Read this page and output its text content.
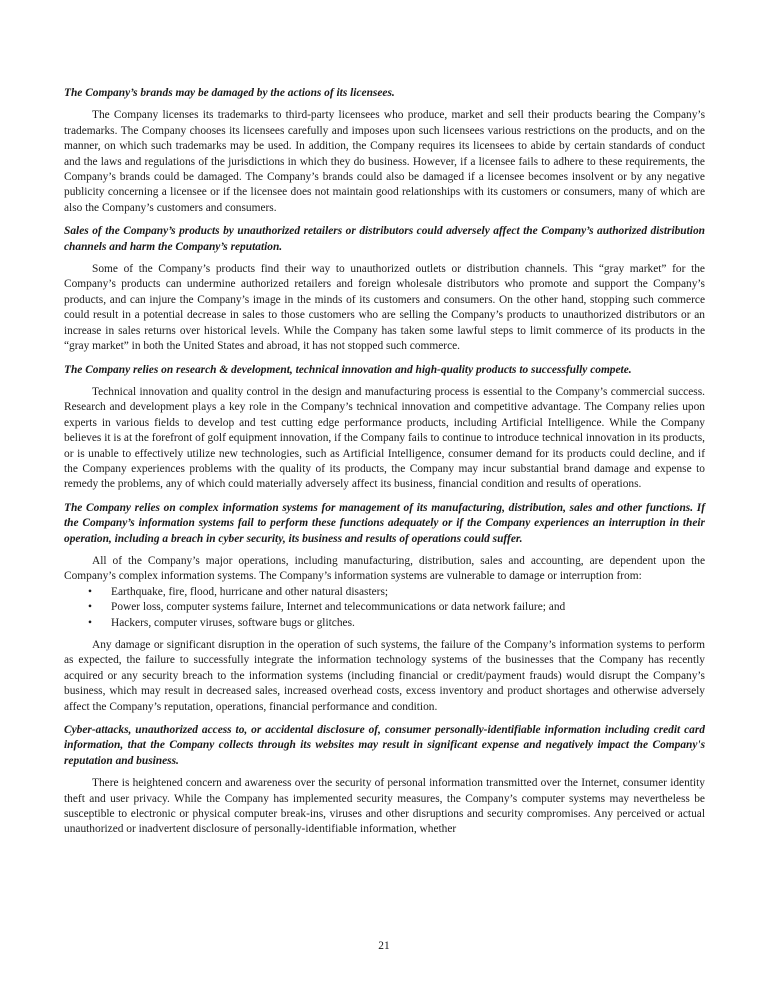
The Company’s brands may be damaged by the actions of its licensees.

The Company licenses its trademarks to third-party licensees who produce, market and sell their products bearing the Company’s trademarks. The Company chooses its licensees carefully and imposes upon such licensees various restrictions on the products, and on the manner, on which such trademarks may be used. In addition, the Company requires its licensees to abide by certain standards of conduct and the laws and regulations of the jurisdictions in which they do business. However, if a licensee fails to adhere to these requirements, the Company’s brands could be damaged. The Company’s brands could also be damaged if a licensee becomes insolvent or by any negative publicity concerning a licensee or if the licensee does not maintain good relationships with its customers or consumers, many of which are also the Company’s customers and consumers.

Sales of the Company’s products by unauthorized retailers or distributors could adversely affect the Company’s authorized distribution channels and harm the Company’s reputation.

Some of the Company’s products find their way to unauthorized outlets or distribution channels. This “gray market” for the Company’s products can undermine authorized retailers and foreign wholesale distributors who promote and support the Company’s products, and can injure the Company’s image in the minds of its customers and consumers. On the other hand, stopping such commerce could result in a potential decrease in sales to those customers who are selling the Company’s products to unauthorized distributors or an increase in sales returns over historical levels. While the Company has taken some lawful steps to limit commerce of its products in the “gray market” in both the United States and abroad, it has not stopped such commerce.

The Company relies on research & development, technical innovation and high-quality products to successfully compete.

Technical innovation and quality control in the design and manufacturing process is essential to the Company’s commercial success. Research and development plays a key role in the Company’s technical innovation and competitive advantage. The Company relies upon experts in various fields to develop and test cutting edge performance products, including Artificial Intelligence. While the Company believes it is at the forefront of golf equipment innovation, if the Company fails to continue to introduce technical innovation in its products, or is unable to effectively utilize new technologies, such as Artificial Intelligence, consumer demand for its products could decline, and if the Company experiences problems with the quality of its products, the Company may incur substantial brand damage and expense to remedy the problems, any of which could materially adversely affect its business, financial condition and results of operations.

The Company relies on complex information systems for management of its manufacturing, distribution, sales and other functions. If the Company’s information systems fail to perform these functions adequately or if the Company experiences an interruption in their operation, including a breach in cyber security, its business and results of operations could suffer.

All of the Company’s major operations, including manufacturing, distribution, sales and accounting, are dependent upon the Company’s complex information systems. The Company’s information systems are vulnerable to damage or interruption from:

• Earthquake, fire, flood, hurricane and other natural disasters;
• Power loss, computer systems failure, Internet and telecommunications or data network failure; and
• Hackers, computer viruses, software bugs or glitches.

Any damage or significant disruption in the operation of such systems, the failure of the Company’s information systems to perform as expected, the failure to successfully integrate the information technology systems of the businesses that the Company has recently acquired or any security breach to the information systems (including financial or credit/payment frauds) would disrupt the Company’s business, which may result in decreased sales, increased overhead costs, excess inventory and product shortages and otherwise adversely affect the Company’s reputation, operations, financial performance and condition.

Cyber-attacks, unauthorized access to, or accidental disclosure of, consumer personally-identifiable information including credit card information, that the Company collects through its websites may result in significant expense and negatively impact the Company's reputation and business.

There is heightened concern and awareness over the security of personal information transmitted over the Internet, consumer identity theft and user privacy. While the Company has implemented security measures, the Company’s computer systems may nevertheless be susceptible to electronic or physical computer break-ins, viruses and other disruptions and security compromises. Any perceived or actual unauthorized or inadvertent disclosure of personally-identifiable information, whether

21
